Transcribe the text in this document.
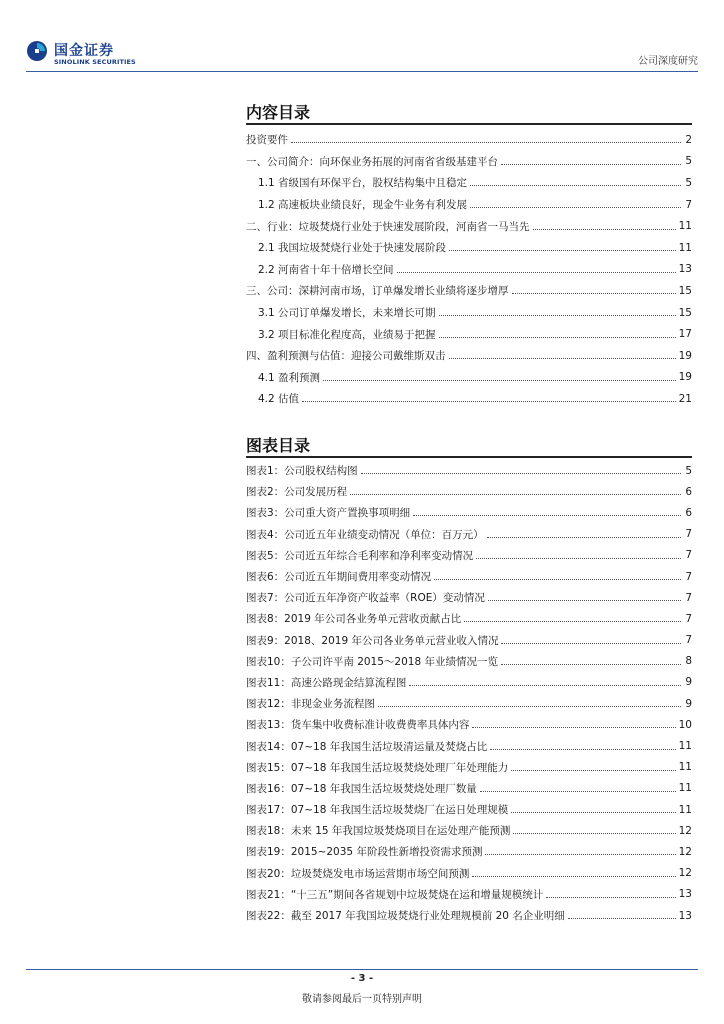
国金证券
SINOLINK SECURITIES	公司深度研究
内容目录
投资要件	2
一、公司简介：向环保业务拓展的河南省省级基建平台	5
1.1 省级国有环保平台，股权结构集中且稳定	5
1.2 高速板块业绩良好，现金牛业务有利发展	7
二、行业：垃圾焚烧行业处于快速发展阶段，河南省一马当先	11
2.1 我国垃圾焚烧行业处于快速发展阶段	11
2.2 河南省十年十倍增长空间	13
三、公司：深耕河南市场，订单爆发增长业绩将逐步增厚	15
3.1 公司订单爆发增长，未来增长可期	15
3.2 项目标准化程度高，业绩易于把握	17
四、盈利预测与估值：迎接公司戴维斯双击	19
4.1 盈利预测	19
4.2 估值	21
图表目录
图表1：公司股权结构图	5
图表2：公司发展历程	6
图表3：公司重大资产置换事项明细	6
图表4：公司近五年业绩变动情况（单位：百万元）	7
图表5：公司近五年综合毛利率和净利率变动情况	7
图表6：公司近五年期间费用率变动情况	7
图表7：公司近五年净资产收益率（ROE）变动情况	7
图表8：2019 年公司各业务单元营收贡献占比	7
图表9：2018、2019 年公司各业务单元营业收入情况	7
图表10：子公司许平南 2015～2018 年业绩情况一览	8
图表11：高速公路现金结算流程图	9
图表12：非现金业务流程图	9
图表13：货车集中收费标准计收费费率具体内容	10
图表14：07~18 年我国生活垃圾清运量及焚烧占比	11
图表15：07~18 年我国生活垃圾焚烧处理厂年处理能力	11
图表16：07~18 年我国生活垃圾焚烧处理厂数量	11
图表17：07~18 年我国生活垃圾焚烧厂在运日处理规模	11
图表18：未来 15 年我国垃圾焚烧项目在运处理产能预测	12
图表19：2015~2035 年阶段性新增投资需求预测	12
图表20：垃圾焚烧发电市场运营期市场空间预测	12
图表21：“十三五”期间各省规划中垃圾焚烧在运和增量规模统计	13
图表22：截至 2017 年我国垃圾焚烧行业处理规模前 20 名企业明细	13
- 3 -
敬请参阅最后一页特别声明
